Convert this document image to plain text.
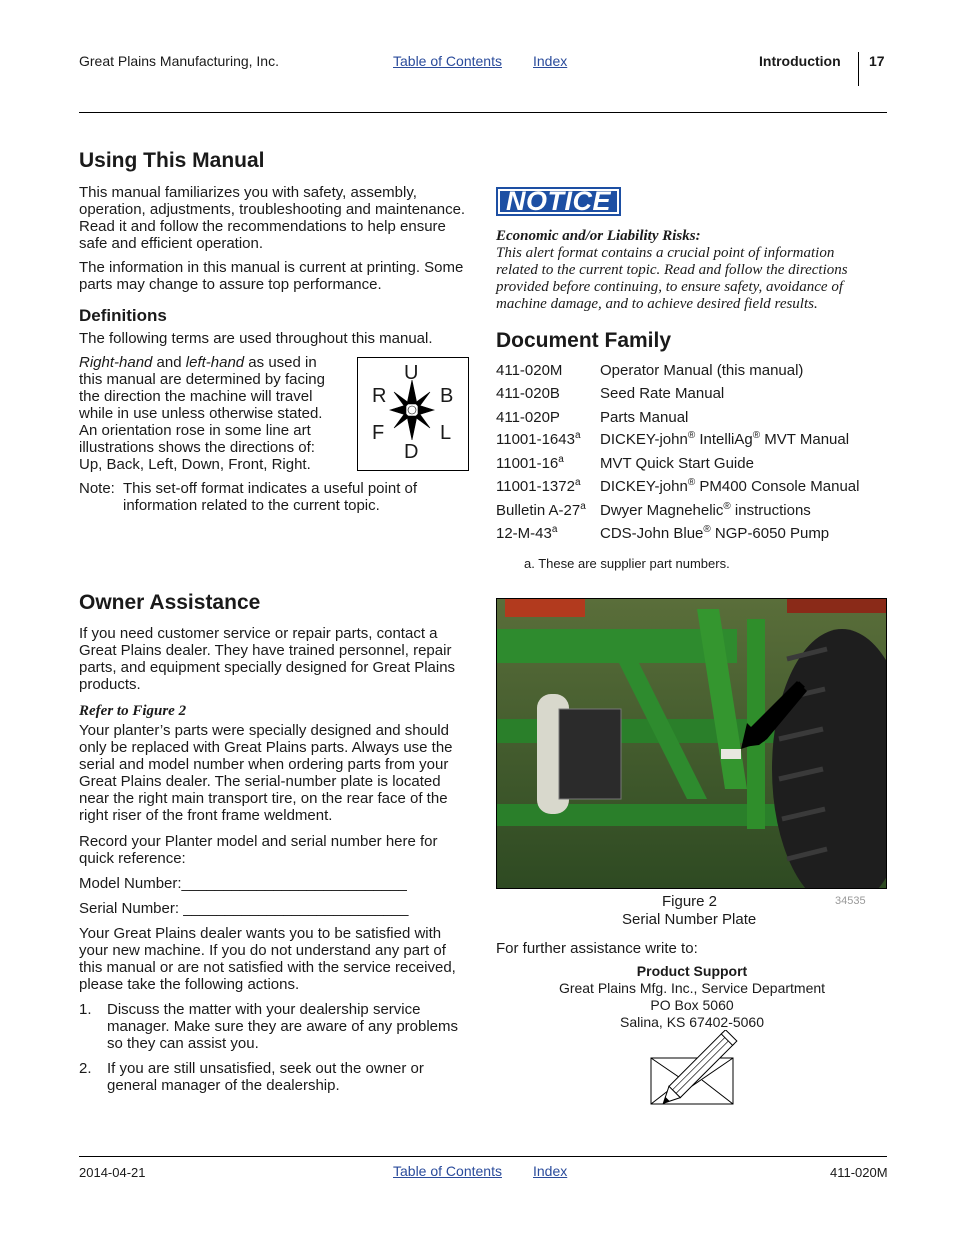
Great Plains Manufacturing, Inc.	Table of Contents Index	Introduction 17
Using This Manual

This manual familiarizes you with safety, assembly, operation, adjustments, troubleshooting and maintenance. Read it and follow the recommendations to help ensure safe and efficient operation.

The information in this manual is current at printing. Some parts may change to assure top performance.

Definitions

The following terms are used throughout this manual.

Right-hand and left-hand as used in this manual are determined by facing the direction the machine will travel while in use unless otherwise stated. An orientation rose in some line art illustrations shows the directions of: Up, Back, Left, Down, Front, Right.

U
D
R	B
F	L
Note: This set-off format indicates a useful point of information related to the current topic.

NOTICE
Economic and/or Liability Risks:

This alert format contains a crucial point of information related to the current topic. Read and follow the directions provided before continuing, to ensure safety, avoidance of machine damage, and to achieve desired field results.

Document Family
411-020M	Operator Manual (this manual)
411-020B	Seed Rate Manual
411-020P	Parts Manual
11001-1643$^a$ DICKEY-john® IntelliAg® MVT Manual
11001-16$^a$ MVT Quick Start Guide
11001-1372$^a$ DICKEY-john® PM400 Console Manual
Bulletin A-27$^a$ Dwyer Magnehelic® instructions
12-M-43$^a$	CDS-John Blue® NGP-6050 Pump
a. These are supplier part numbers.
Owner Assistance

If you need customer service or repair parts, contact a Great Plains dealer. They have trained personnel, repair parts, and equipment specially designed for Great Plains products.

Refer to Figure 2

Your planter’s parts were specially designed and should only be replaced with Great Plains parts. Always use the serial and model number when ordering parts from your Great Plains dealer. The serial-number plate is located near the right main transport tire, on the rear face of the right riser of the front frame weldment.

Record your Planter model and serial number here for quick reference:

Model Number:___________________________
Serial Number: ___________________________

Your Great Plains dealer wants you to be satisfied with your new machine. If you do not understand any part of this manual or are not satisfied with the service received, please take the following actions.

1. Discuss the matter with your dealership service manager. Make sure they are aware of any problems so they can assist you.

2. If you are still unsatisfied, seek out the owner or general manager of the dealership.

Figure 2
Serial Number Plate
34535
For further assistance write to:
Product Support
Great Plains Mfg. Inc., Service Department
PO Box 5060
Salina, KS 67402-5060
2014-04-21	Table of Contents Index	411-020M
